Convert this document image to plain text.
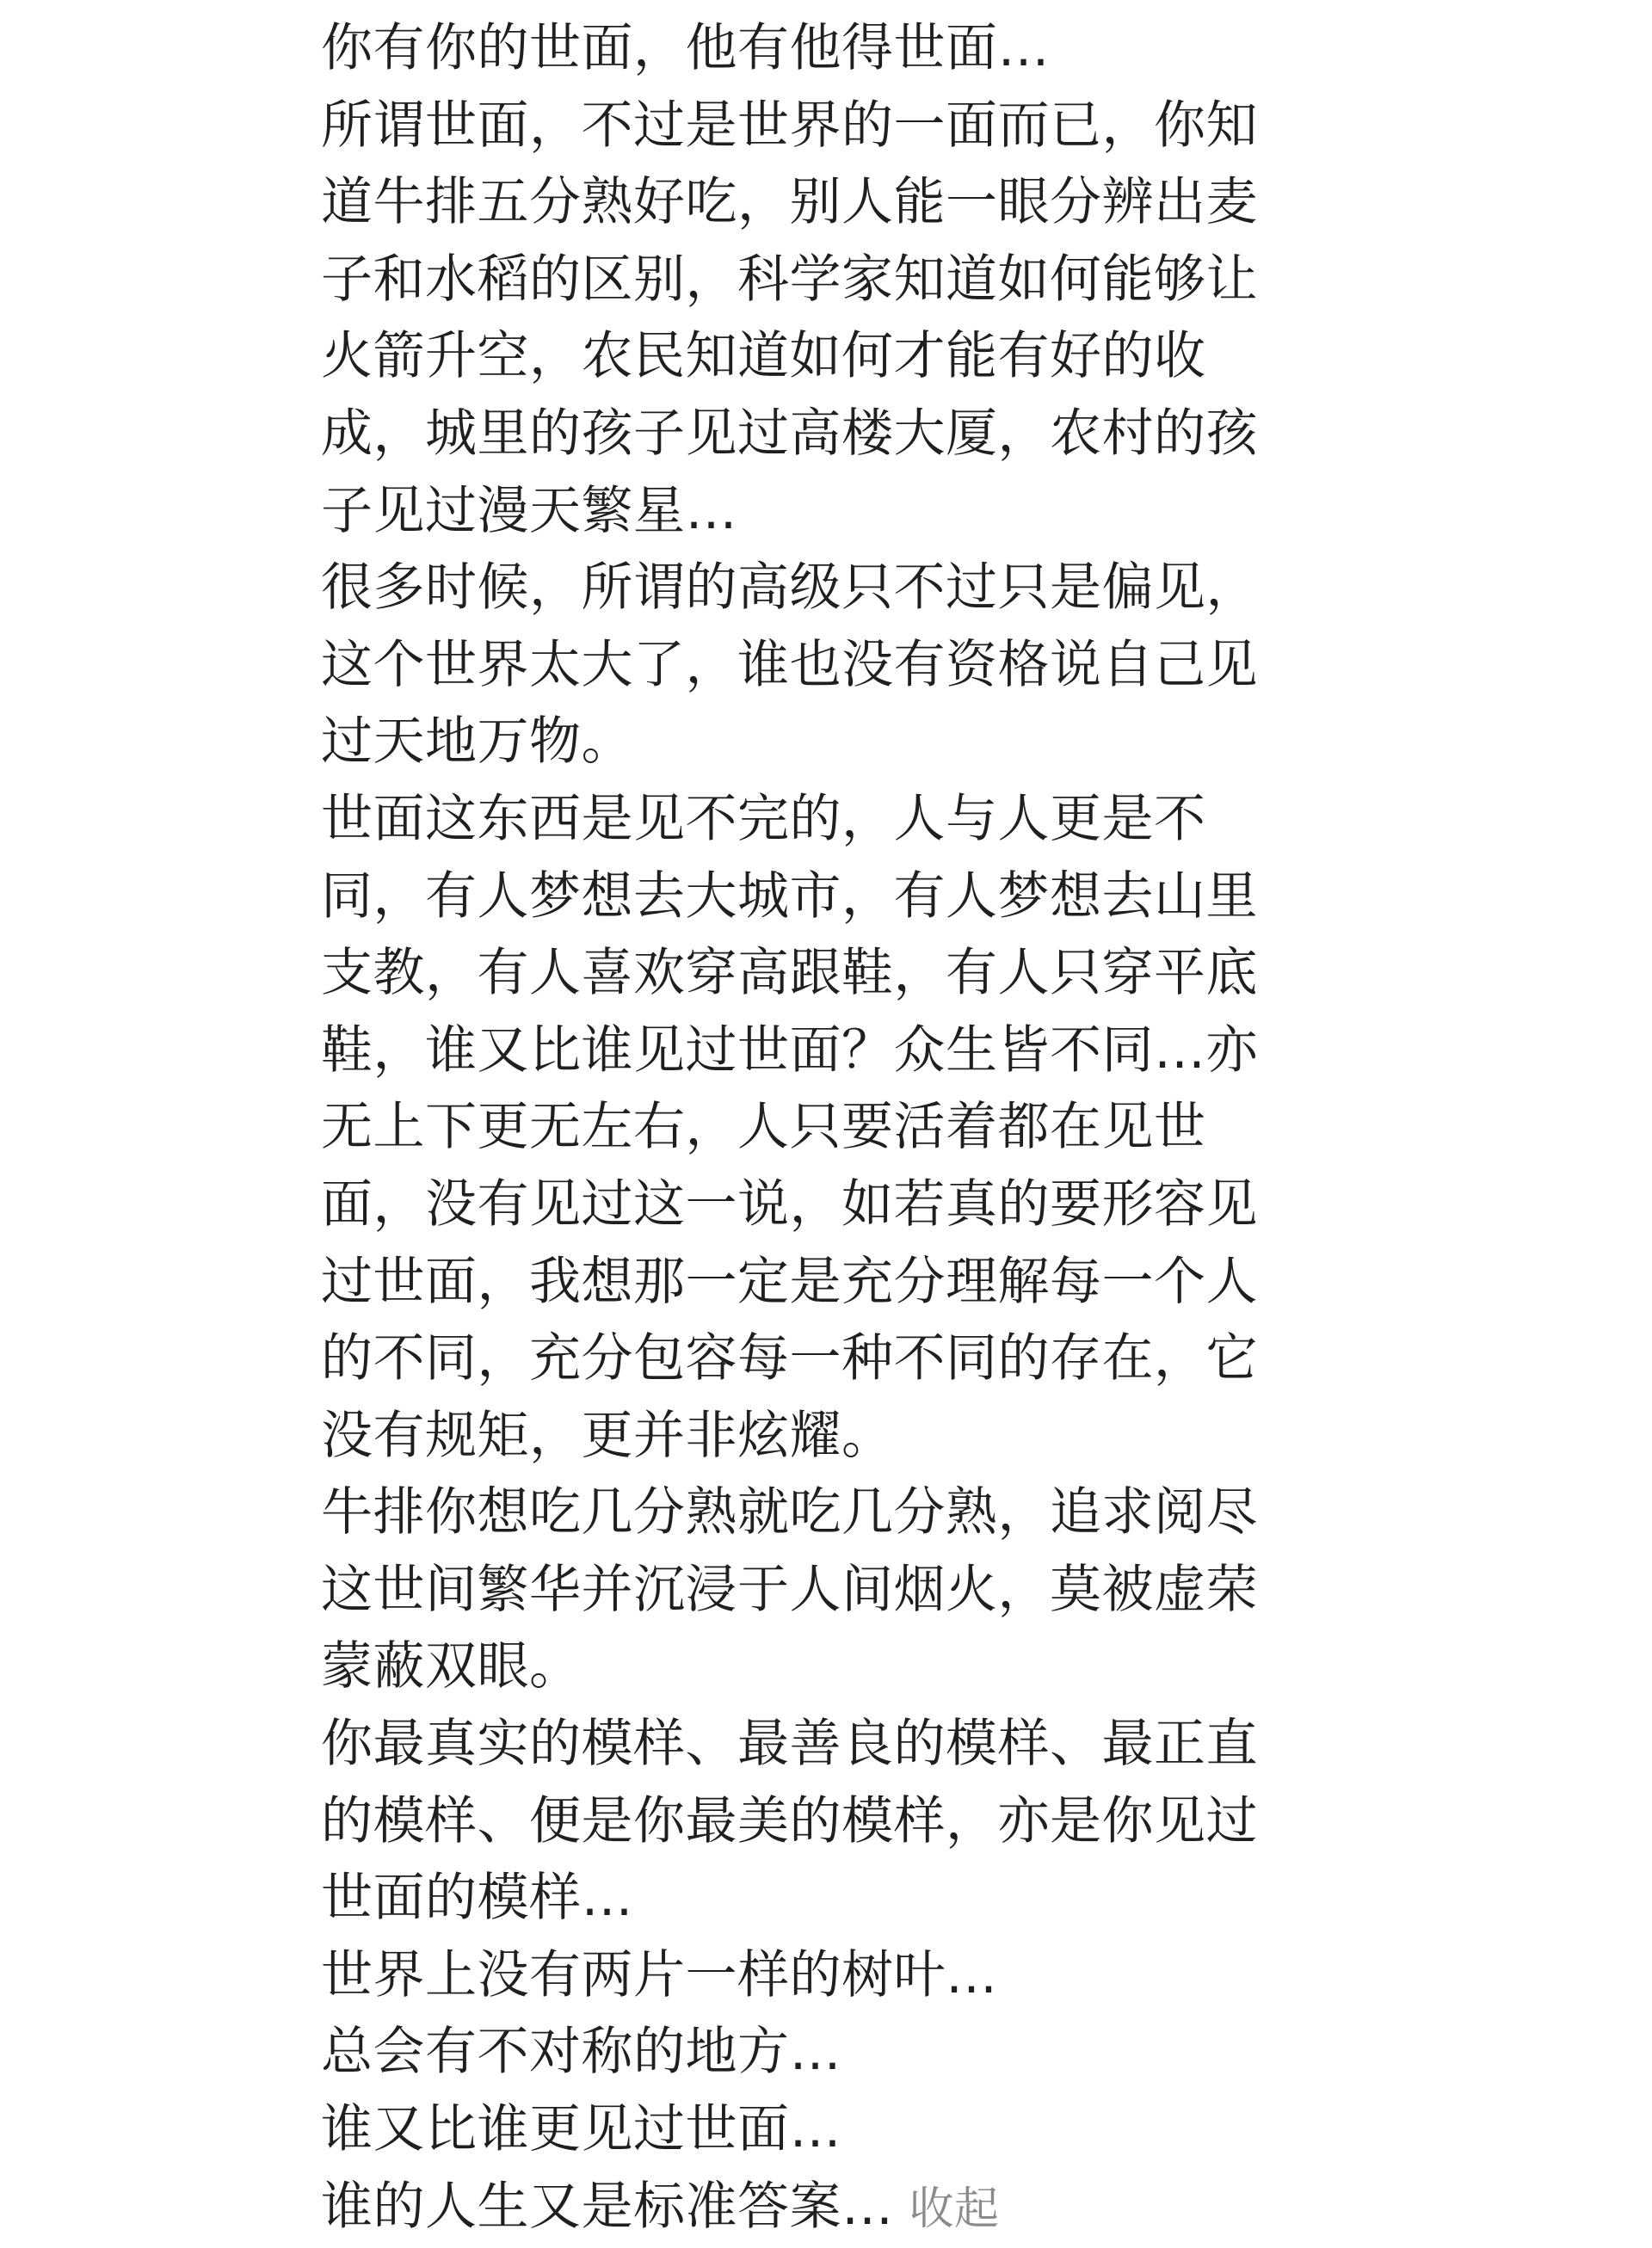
你有你的世面，他有他得世面…
所谓世面，不过是世界的一面而已，你知
道牛排五分熟好吃，别人能一眼分辨出麦
子和水稻的区别，科学家知道如何能够让
火箭升空，农民知道如何才能有好的收
成，城里的孩子见过高楼大厦，农村的孩
子见过漫天繁星…
很多时候，所谓的高级只不过只是偏见，
这个世界太大了，谁也没有资格说自己见
过天地万物。
世面这东西是见不完的，人与人更是不
同，有人梦想去大城市，有人梦想去山里
支教，有人喜欢穿高跟鞋，有人只穿平底
鞋，谁又比谁见过世面？众生皆不同…亦
无上下更无左右，人只要活着都在见世
面，没有见过这一说，如若真的要形容见
过世面，我想那一定是充分理解每一个人
的不同，充分包容每一种不同的存在，它
没有规矩，更并非炫耀。
牛排你想吃几分熟就吃几分熟，追求阅尽
这世间繁华并沉浸于人间烟火，莫被虚荣
蒙蔽双眼。
你最真实的模样、最善良的模样、最正直
的模样、便是你最美的模样，亦是你见过
世面的模样…
世界上没有两片一样的树叶…
总会有不对称的地方…
谁又比谁更见过世面…
谁的人生又是标准答案… 收起
